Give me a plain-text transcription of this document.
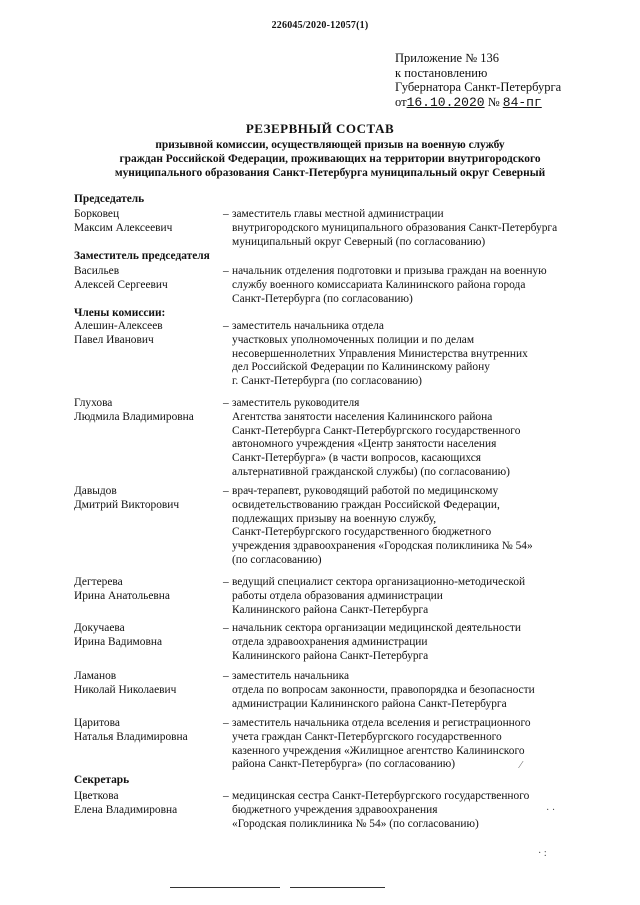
226045/2020-12057(1)
Приложение № 136
к постановлению
Губернатора Санкт-Петербурга
от16.10.2020 № 84-пг
РЕЗЕРВНЫЙ СОСТАВ
призывной комиссии, осуществляющей призыв на военную службу
граждан Российской Федерации, проживающих на территории внутригородского
муниципального образования Санкт-Петербурга муниципальный округ Северный
Председатель
Заместитель председателя
Члены комиссии:
Секретарь
Борковец
Максим Алексеевич
– заместитель главы местной администрации
внутригородского муниципального образования Санкт-Петербурга
муниципальный округ Северный (по согласованию)
Васильев
Алексей Сергеевич
– начальник отделения подготовки и призыва граждан на военную
службу военного комиссариата Калининского района города
Санкт-Петербурга (по согласованию)
Алешин-Алексеев
Павел Иванович
– заместитель начальника отдела
участковых уполномоченных полиции и по делам
несовершеннолетних Управления Министерства внутренних
дел Российской Федерации по Калининскому району
г. Санкт-Петербурга (по согласованию)
Глухова
Людмила Владимировна
– заместитель руководителя
Агентства занятости населения Калининского района
Санкт-Петербурга Санкт-Петербургского государственного
автономного учреждения «Центр занятости населения
Санкт-Петербурга» (в части вопросов, касающихся
альтернативной гражданской службы) (по согласованию)
Давыдов
Дмитрий Викторович
– врач-терапевт, руководящий работой по медицинскому
освидетельствованию граждан Российской Федерации,
подлежащих призыву на военную службу,
Санкт-Петербургского государственного бюджетного
учреждения здравоохранения «Городская поликлиника № 54»
(по согласованию)
Дегтерева
Ирина Анатольевна
– ведущий специалист сектора организационно-методической
работы отдела образования администрации
Калининского района Санкт-Петербурга
Докучаева
Ирина Вадимовна
– начальник сектора организации медицинской деятельности
отдела здравоохранения администрации
Калининского района Санкт-Петербурга
Ламанов
Николай Николаевич
– заместитель начальника
отдела по вопросам законности, правопорядка и безопасности
администрации Калининского района Санкт-Петербурга
Царитова
Наталья Владимировна
– заместитель начальника отдела вселения и регистрационного
учета граждан Санкт-Петербургского государственного
казенного учреждения «Жилищное агентство Калининского
района Санкт-Петербурга» (по согласованию)
Цветкова
Елена Владимировна
– медицинская сестра Санкт-Петербургского государственного
бюджетного учреждения здравоохранения
«Городская поликлиника № 54» (по согласованию)
⁄
· ·
· :
